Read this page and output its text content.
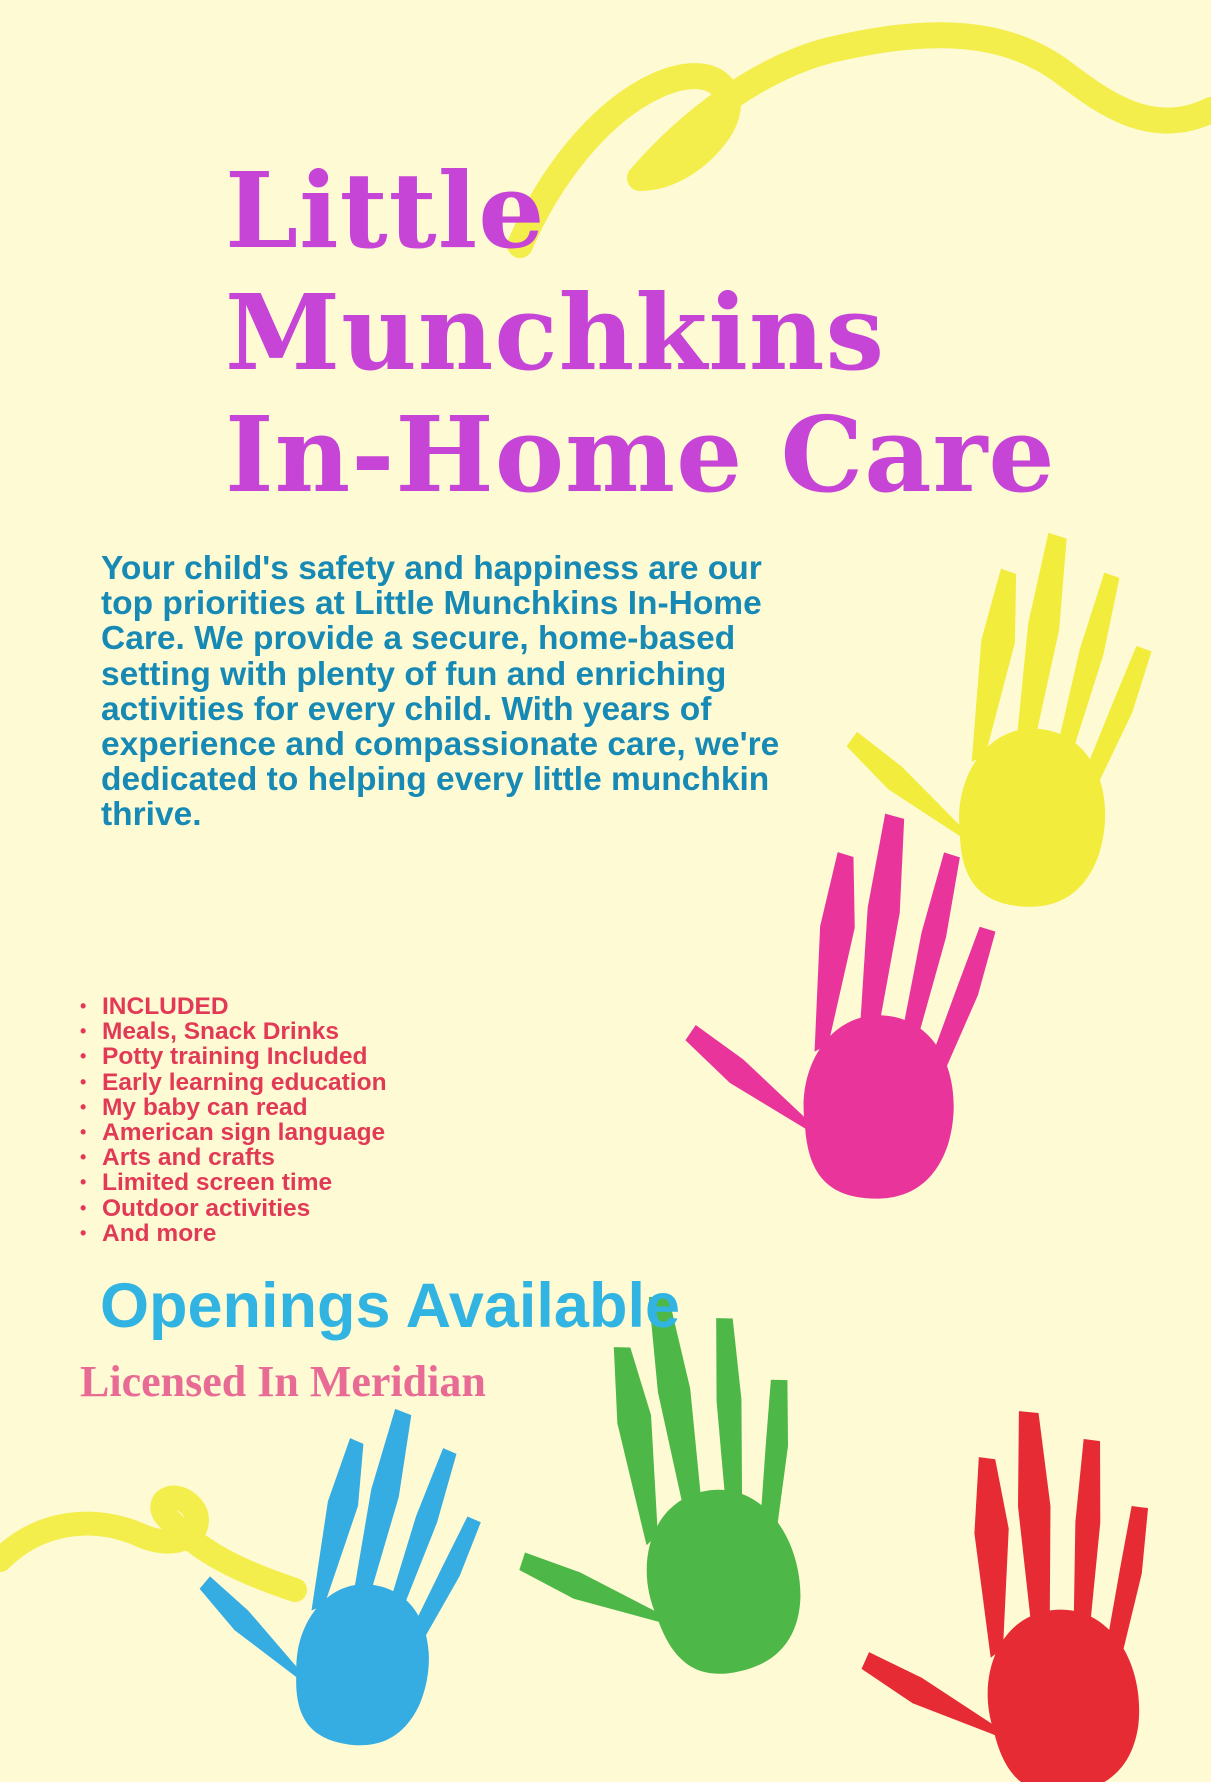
Little
Munchkins
In-Home Care
Your child's safety and happiness are our top priorities at Little Munchkins In-Home Care. We provide a secure, home-based setting with plenty of fun and enriching activities for every child. With years of experience and compassionate care, we're dedicated to helping every little munchkin thrive.
• INCLUDED
• Meals, Snack Drinks
• Potty training Included
• Early learning education
• My baby can read
• American sign language
• Arts and crafts
• Limited screen time
• Outdoor activities
• And more
Openings Available
Licensed In Meridian
